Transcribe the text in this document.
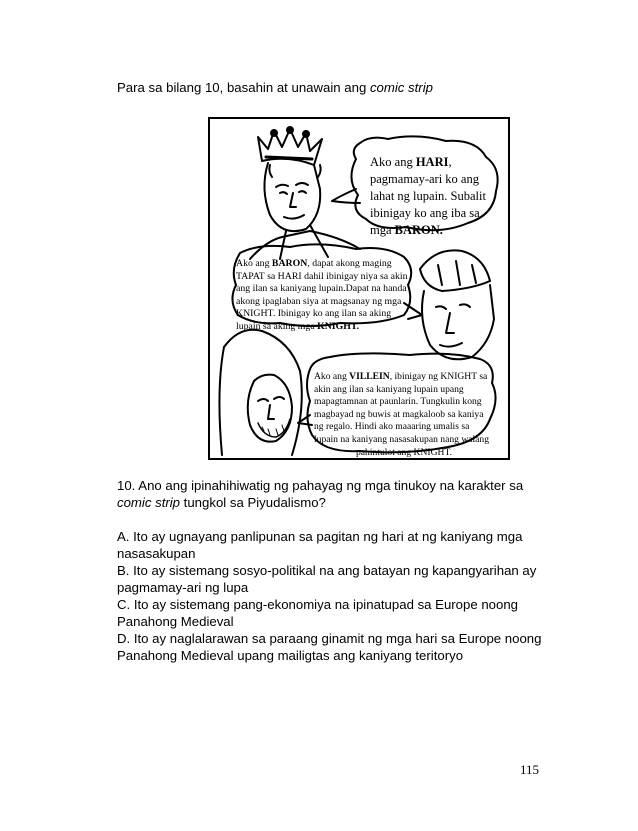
Para sa bilang 10, basahin at unawain ang comic strip

Ako ang HARI, pagmamay-ari ko ang lahat ng lupain. Subalit ibinigay ko ang iba sa mga BARON.
Ako ang BARON, dapat akong maging TAPAT sa HARI dahil ibinigay niya sa akin ang ilan sa kaniyang lupain.Dapat na handa akong ipaglaban siya at magsanay ng mga KNIGHT. Ibinigay ko ang ilan sa aking lupain sa aking mga KNIGHT.
Ako ang VILLEIN, ibinigay ng KNIGHT sa akin ang ilan sa kaniyang lupain upang mapagtamnan at paunlarin. Tungkulin kong magbayad ng buwis at magkaloob sa kaniya ng regalo. Hindi ako maaaring umalis sa lupain na kaniyang nasasakupan nang walang
pahintulot ang KNIGHT.

10. Ano ang ipinahihiwatig ng pahayag ng mga tinukoy na karakter sa comic strip tungkol sa Piyudalismo?

A. Ito ay ugnayang panlipunan sa pagitan ng hari at ng kaniyang mga nasasakupan

B. Ito ay sistemang sosyo-politikal na ang batayan ng kapangyarihan ay pagmamay-ari ng lupa

C. Ito ay sistemang pang-ekonomiya na ipinatupad sa Europe noong Panahong Medieval

D. Ito ay naglalarawan sa paraang ginamit ng mga hari sa Europe noong Panahong Medieval upang mailigtas ang kaniyang teritoryo

115
